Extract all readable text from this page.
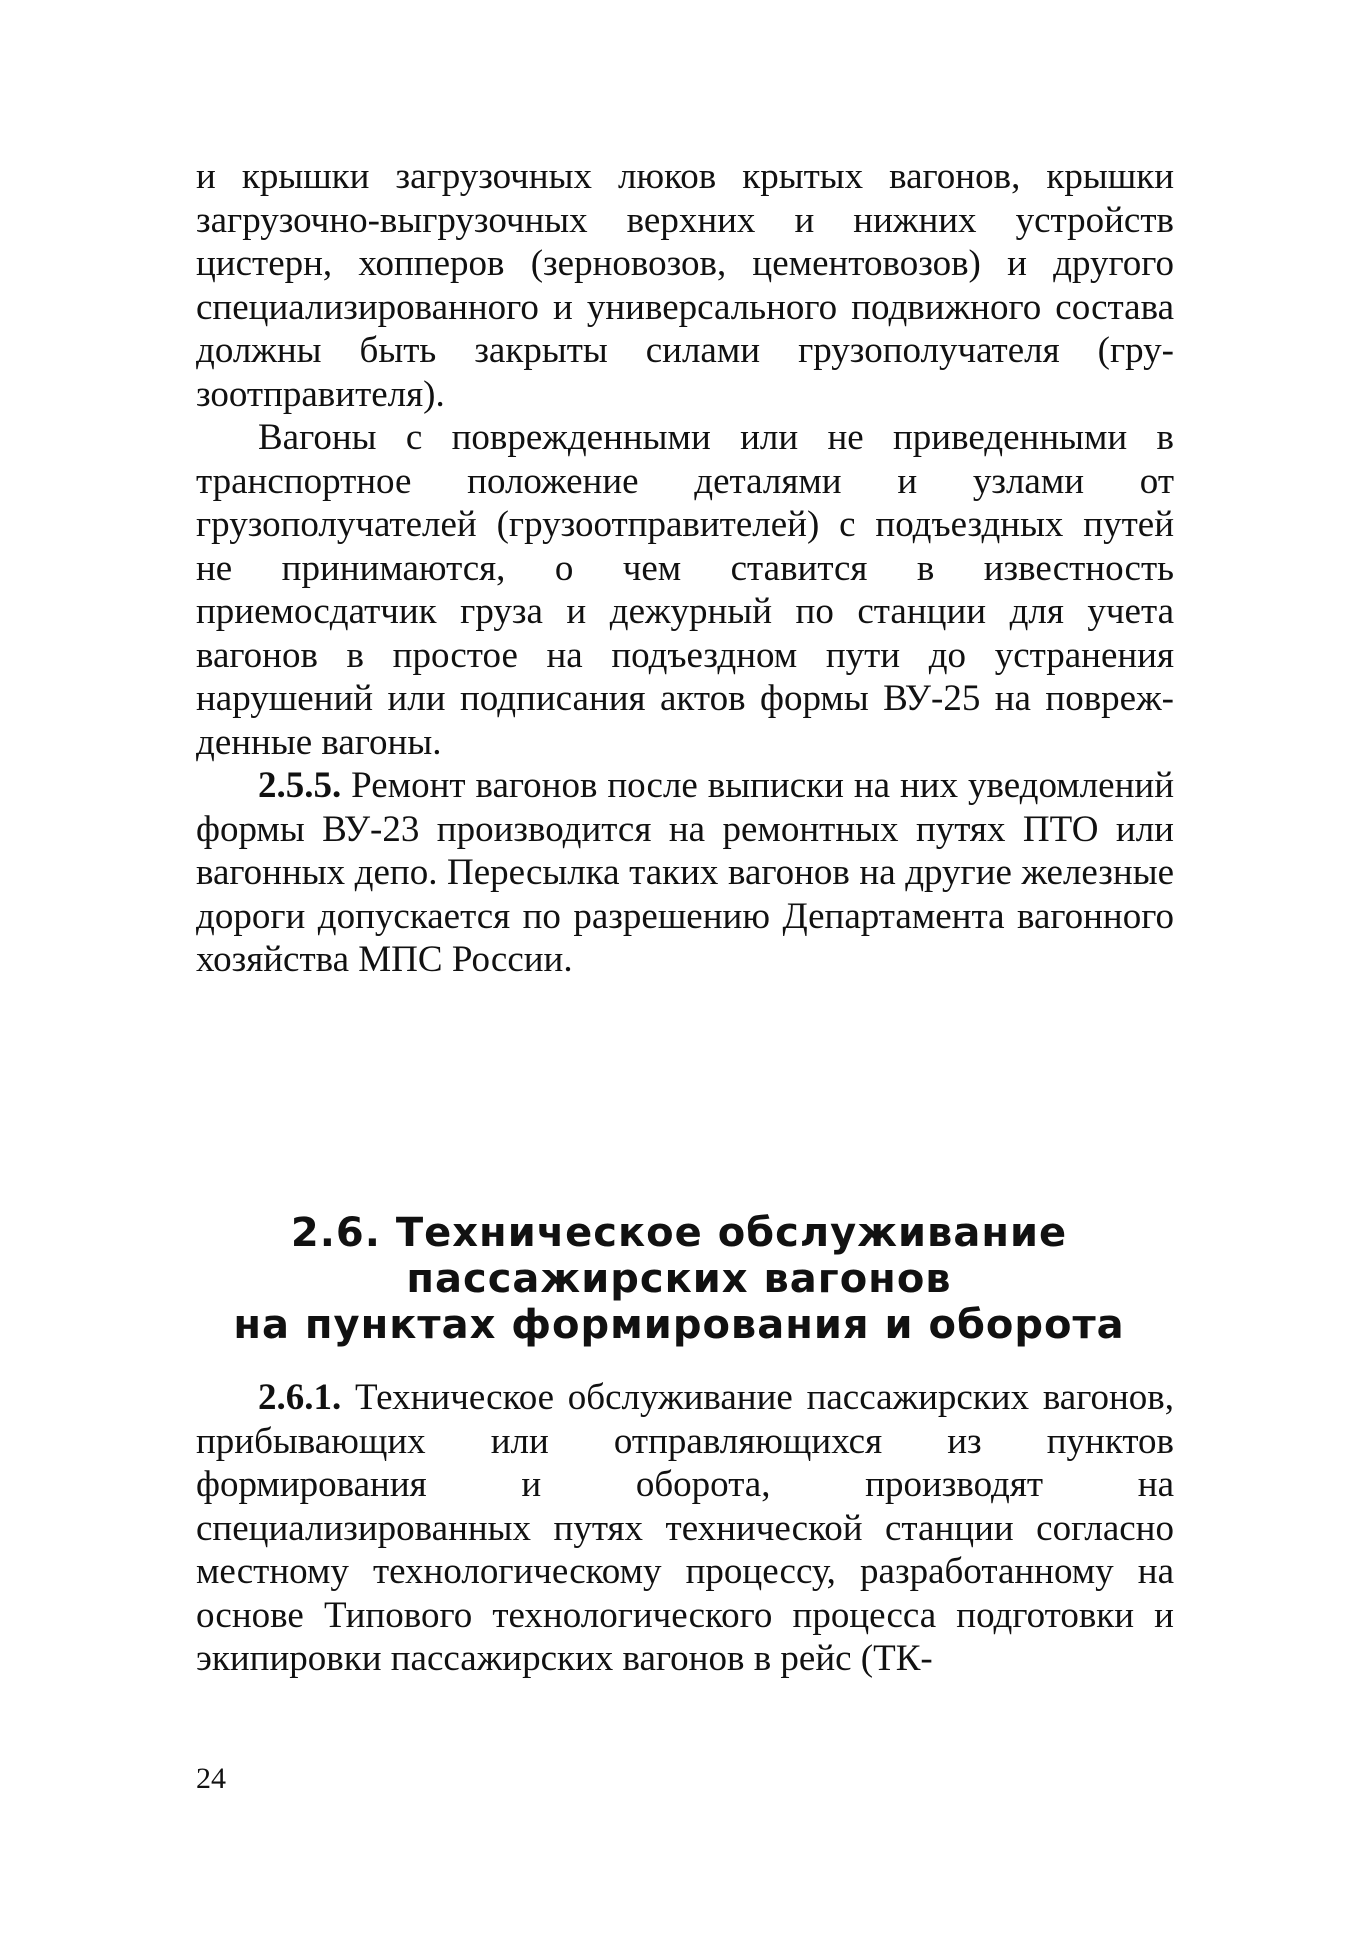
и крышки загрузочных люков крытых вагонов, крышки загрузочно-выгрузочных верхних и нижних устройств цистерн, хопперов (зерновозов, цементовозов) и другого специализированного и универсального подвижного состава должны быть закрыты силами грузополучателя (грузоотправителя).

Вагоны с поврежденными или не приведенными в транспортное положение деталями и узлами от грузополучателей (грузоотправителей) с подъездных путей не принимаются, о чем ставится в известность приемосдатчик груза и дежурный по станции для учета вагонов в простое на подъездном пути до устранения нарушений или подписания актов формы ВУ-25 на поврежденные вагоны.

2.5.5. Ремонт вагонов после выписки на них уведомлений формы ВУ-23 производится на ремонтных путях ПТО или вагонных депо. Пересылка таких вагонов на другие железные дороги допускается по разрешению Департамента вагонного хозяйства МПС России.

2.6. Техническое обслуживание
пассажирских вагонов
на пунктах формирования и оборота

2.6.1. Техническое обслуживание пассажирских вагонов, прибывающих или отправляющихся из пунктов формирования и оборота, производят на специализированных путях технической станции согласно местному технологическому процессу, разработанному на основе Типового технологического процесса подготовки и экипировки пассажирских вагонов в рейс (ТК-

24
